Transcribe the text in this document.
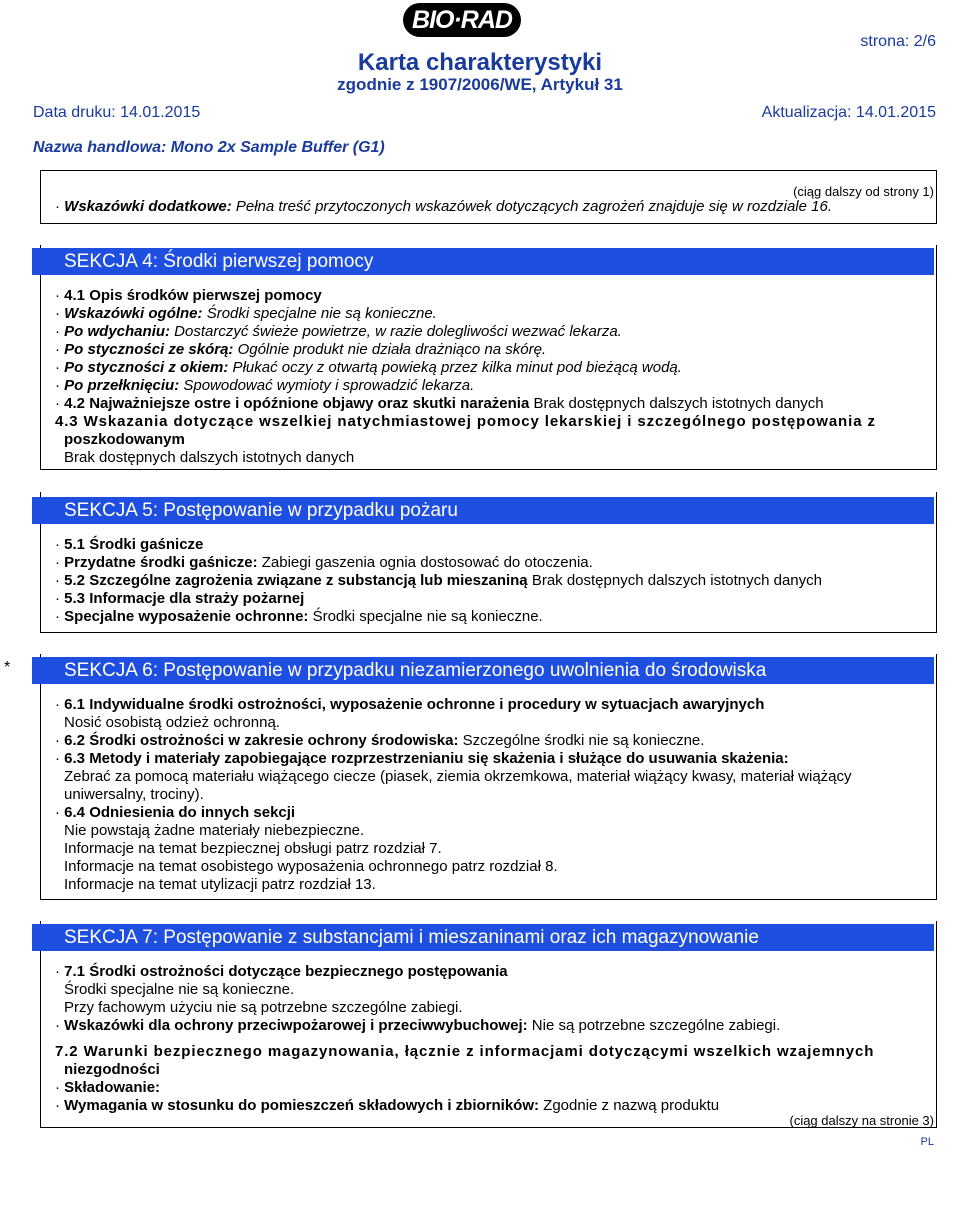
BIO·RAD
strona: 2/6
Karta charakterystyki
zgodnie z 1907/2006/WE, Artykuł 31
Data druku: 14.01.2015	Aktualizacja: 14.01.2015
Nazwa handlowa: Mono 2x Sample Buffer (G1)
(ciąg dalszy od strony 1)
· Wskazówki dodatkowe: Pełna treść przytoczonych wskazówek dotyczących zagrożeń znajduje się w rozdziale 16.
SEKCJA 4: Środki pierwszej pomocy
· 4.1 Opis środków pierwszej pomocy
· Wskazówki ogólne: Środki specjalne nie są konieczne.
· Po wdychaniu: Dostarczyć świeże powietrze, w razie dolegliwości wezwać lekarza.
· Po styczności ze skórą: Ogólnie produkt nie działa drażniąco na skórę.
· Po styczności z okiem: Płukać oczy z otwartą powieką przez kilka minut pod bieżącą wodą.
· Po przełknięciu: Spowodować wymioty i sprowadzić lekarza.
· 4.2 Najważniejsze ostre i opóźnione objawy oraz skutki narażenia Brak dostępnych dalszych istotnych danych
4.3 Wskazania dotyczące wszelkiej natychmiastowej pomocy lekarskiej i szczególnego postępowania z
poszkodowanym
Brak dostępnych dalszych istotnych danych
SEKCJA 5: Postępowanie w przypadku pożaru
· 5.1 Środki gaśnicze
· Przydatne środki gaśnicze: Zabiegi gaszenia ognia dostosować do otoczenia.
· 5.2 Szczególne zagrożenia związane z substancją lub mieszaniną Brak dostępnych dalszych istotnych danych
· 5.3 Informacje dla straży pożarnej
· Specjalne wyposażenie ochronne: Środki specjalne nie są konieczne.
*	SEKCJA 6: Postępowanie w przypadku niezamierzonego uwolnienia do środowiska
· 6.1 Indywidualne środki ostrożności, wyposażenie ochronne i procedury w sytuacjach awaryjnych
Nosić osobistą odzież ochronną.
· 6.2 Środki ostrożności w zakresie ochrony środowiska: Szczególne środki nie są konieczne.
· 6.3 Metody i materiały zapobiegające rozprzestrzenianiu się skażenia i służące do usuwania skażenia:
Zebrać za pomocą materiału wiążącego ciecze (piasek, ziemia okrzemkowa, materiał wiążący kwasy, materiał wiążący
uniwersalny, trociny).
· 6.4 Odniesienia do innych sekcji
Nie powstają żadne materiały niebezpieczne.
Informacje na temat bezpiecznej obsługi patrz rozdział 7.
Informacje na temat osobistego wyposażenia ochronnego patrz rozdział 8.
Informacje na temat utylizacji patrz rozdział 13.
SEKCJA 7: Postępowanie z substancjami i mieszaninami oraz ich magazynowanie
· 7.1 Środki ostrożności dotyczące bezpiecznego postępowania
Środki specjalne nie są konieczne.
Przy fachowym użyciu nie są potrzebne szczególne zabiegi.
· Wskazówki dla ochrony przeciwpożarowej i przeciwwybuchowej: Nie są potrzebne szczególne zabiegi.
7.2 Warunki bezpiecznego magazynowania, łącznie z informacjami dotyczącymi wszelkich wzajemnych
niezgodności
· Składowanie:
· Wymagania w stosunku do pomieszczeń składowych i zbiorników: Zgodnie z nazwą produktu
(ciąg dalszy na stronie 3)
PL
